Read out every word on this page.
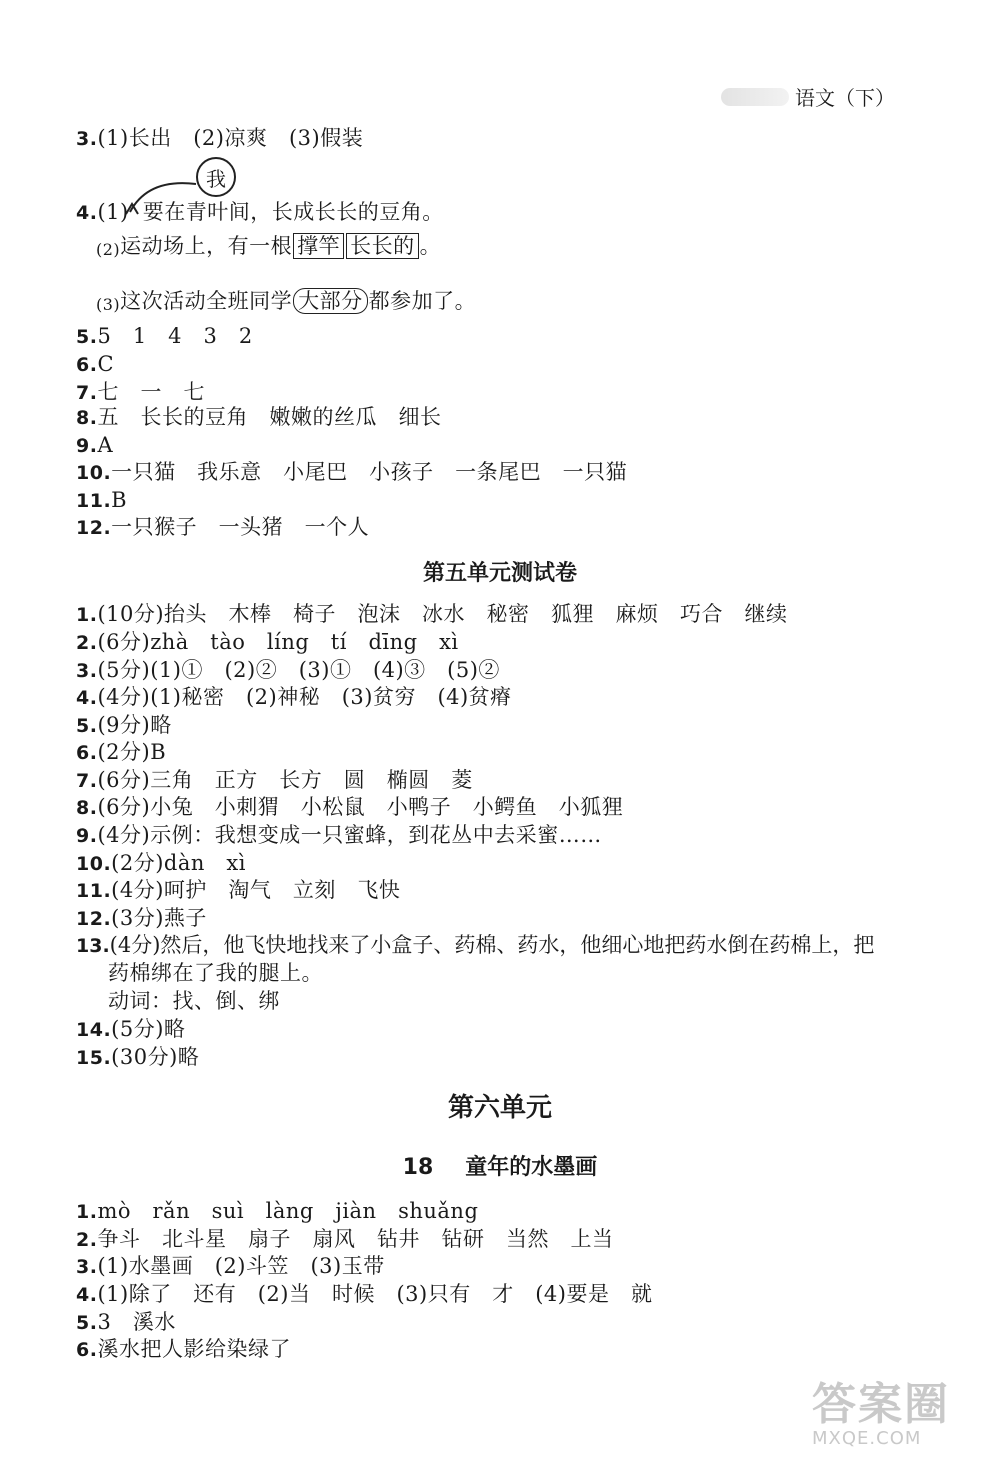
语文（下）
3.(1)长出　(2)凉爽　(3)假装
我
4.(1) 要在青叶间，长成长长的豆角。
(2)运动场上，有一根 撑竿 长长的 。
(3)这次活动全班同学 大部分 都参加了。
5.5　1　4　3　2
6.C
7.七　一　七
8.五　长长的豆角　嫩嫩的丝瓜　细长
9.A
10.一只猫　我乐意　小尾巴　小孩子　一条尾巴　一只猫
11.B
12.一只猴子　一头猪　一个人
第五单元测试卷
1.(10分)抬头　木棒　椅子　泡沫　冰水　秘密　狐狸　麻烦　巧合　继续
2.(6分)zhà　tào　líng　tí　dīng　xì
3.(5分)(1)①　(2)②　(3)①　(4)③　(5)②
4.(4分)(1)秘密　(2)神秘　(3)贫穷　(4)贫瘠
5.(9分)略
6.(2分)B
7.(6分)三角　正方　长方　圆　椭圆　菱
8.(6分)小兔　小刺猬　小松鼠　小鸭子　小鳄鱼　小狐狸
9.(4分)示例：我想变成一只蜜蜂，到花丛中去采蜜……
10.(2分)dàn　xì
11.(4分)呵护　淘气　立刻　飞快
12.(3分)燕子
13.(4分)然后，他飞快地找来了小盒子、药棉、药水，他细心地把药水倒在药棉上，把
药棉绑在了我的腿上。
动词：找、倒、绑
14.(5分)略
15.(30分)略
第六单元
18 童年的水墨画
1.mò　rǎn　suì　làng　jiàn　shuǎng
2.争斗　北斗星　扇子　扇风　钻井　钻研　当然　上当
3.(1)水墨画　(2)斗笠　(3)玉带
4.(1)除了　还有　(2)当　时候　(3)只有　才　(4)要是　就
5.3　溪水
6.溪水把人影给染绿了
答案圈
MXQE.COM
